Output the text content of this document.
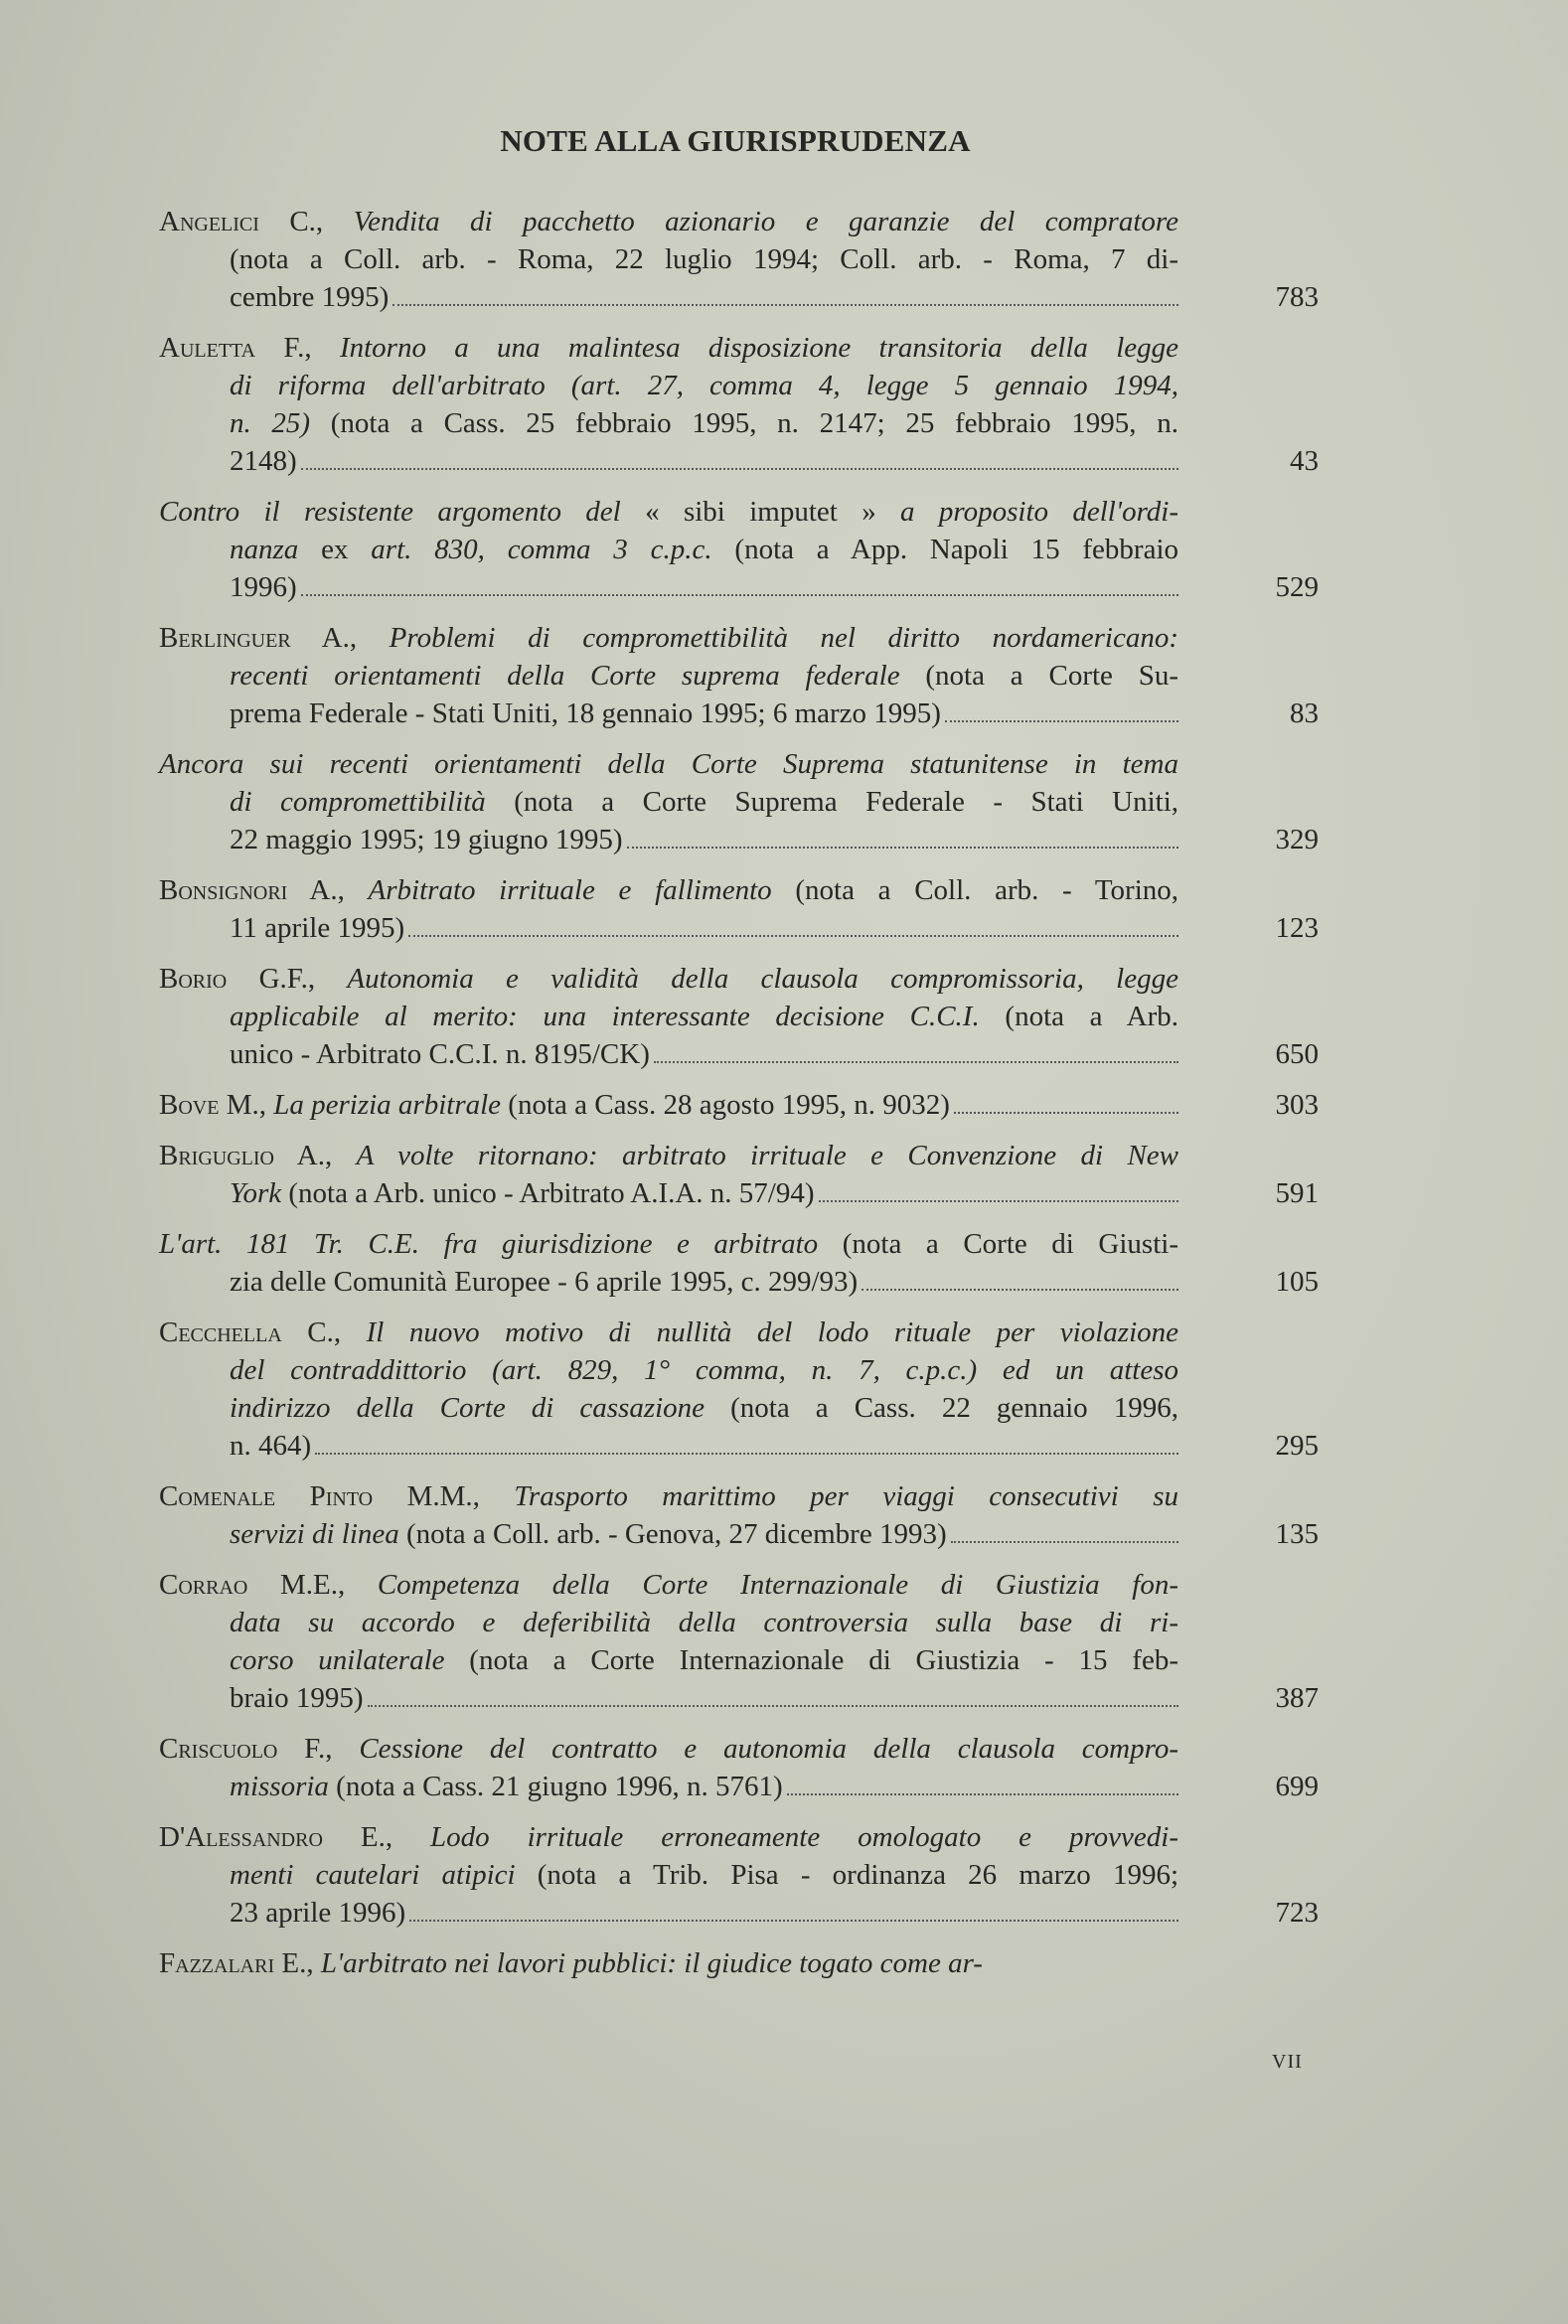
NOTE ALLA GIURISPRUDENZA
Angelici C., Vendita di pacchetto azionario e garanzie del compratore
(nota a Coll. arb. - Roma, 22 luglio 1994; Coll. arb. - Roma, 7 di-
cembre 1995)	783
Auletta F., Intorno a una malintesa disposizione transitoria della legge
di riforma dell'arbitrato (art. 27, comma 4, legge 5 gennaio 1994,
n. 25) (nota a Cass. 25 febbraio 1995, n. 2147; 25 febbraio 1995, n.
2148)	43
Contro il resistente argomento del « sibi imputet » a proposito dell'ordi-
nanza ex art. 830, comma 3 c.p.c. (nota a App. Napoli 15 febbraio
1996)	529
Berlinguer A., Problemi di compromettibilità nel diritto nordamericano:
recenti orientamenti della Corte suprema federale (nota a Corte Su-
prema Federale - Stati Uniti, 18 gennaio 1995; 6 marzo 1995)	83
Ancora sui recenti orientamenti della Corte Suprema statunitense in tema
di compromettibilità (nota a Corte Suprema Federale - Stati Uniti,
22 maggio 1995; 19 giugno 1995)	329
Bonsignori A., Arbitrato irrituale e fallimento (nota a Coll. arb. - Torino,
11 aprile 1995)	123
Borio G.F., Autonomia e validità della clausola compromissoria, legge
applicabile al merito: una interessante decisione C.C.I. (nota a Arb.
unico - Arbitrato C.C.I. n. 8195/CK)	650
Bove M., La perizia arbitrale (nota a Cass. 28 agosto 1995, n. 9032)	303
Briguglio A., A volte ritornano: arbitrato irrituale e Convenzione di New
York (nota a Arb. unico - Arbitrato A.I.A. n. 57/94)	591
L'art. 181 Tr. C.E. fra giurisdizione e arbitrato (nota a Corte di Giusti-
zia delle Comunità Europee - 6 aprile 1995, c. 299/93)	105
Cecchella C., Il nuovo motivo di nullità del lodo rituale per violazione
del contraddittorio (art. 829, 1° comma, n. 7, c.p.c.) ed un atteso
indirizzo della Corte di cassazione (nota a Cass. 22 gennaio 1996,
n. 464)	295
Comenale Pinto M.M., Trasporto marittimo per viaggi consecutivi su
servizi di linea (nota a Coll. arb. - Genova, 27 dicembre 1993)	135
Corrao M.E., Competenza della Corte Internazionale di Giustizia fon-
data su accordo e deferibilità della controversia sulla base di ri-
corso unilaterale (nota a Corte Internazionale di Giustizia - 15 feb-
braio 1995)	387
Criscuolo F., Cessione del contratto e autonomia della clausola compro-
missoria (nota a Cass. 21 giugno 1996, n. 5761)	699
D'Alessandro E., Lodo irrituale erroneamente omologato e provvedi-
menti cautelari atipici (nota a Trib. Pisa - ordinanza 26 marzo 1996;
23 aprile 1996)	723
Fazzalari E., L'arbitrato nei lavori pubblici: il giudice togato come ar-
VII
